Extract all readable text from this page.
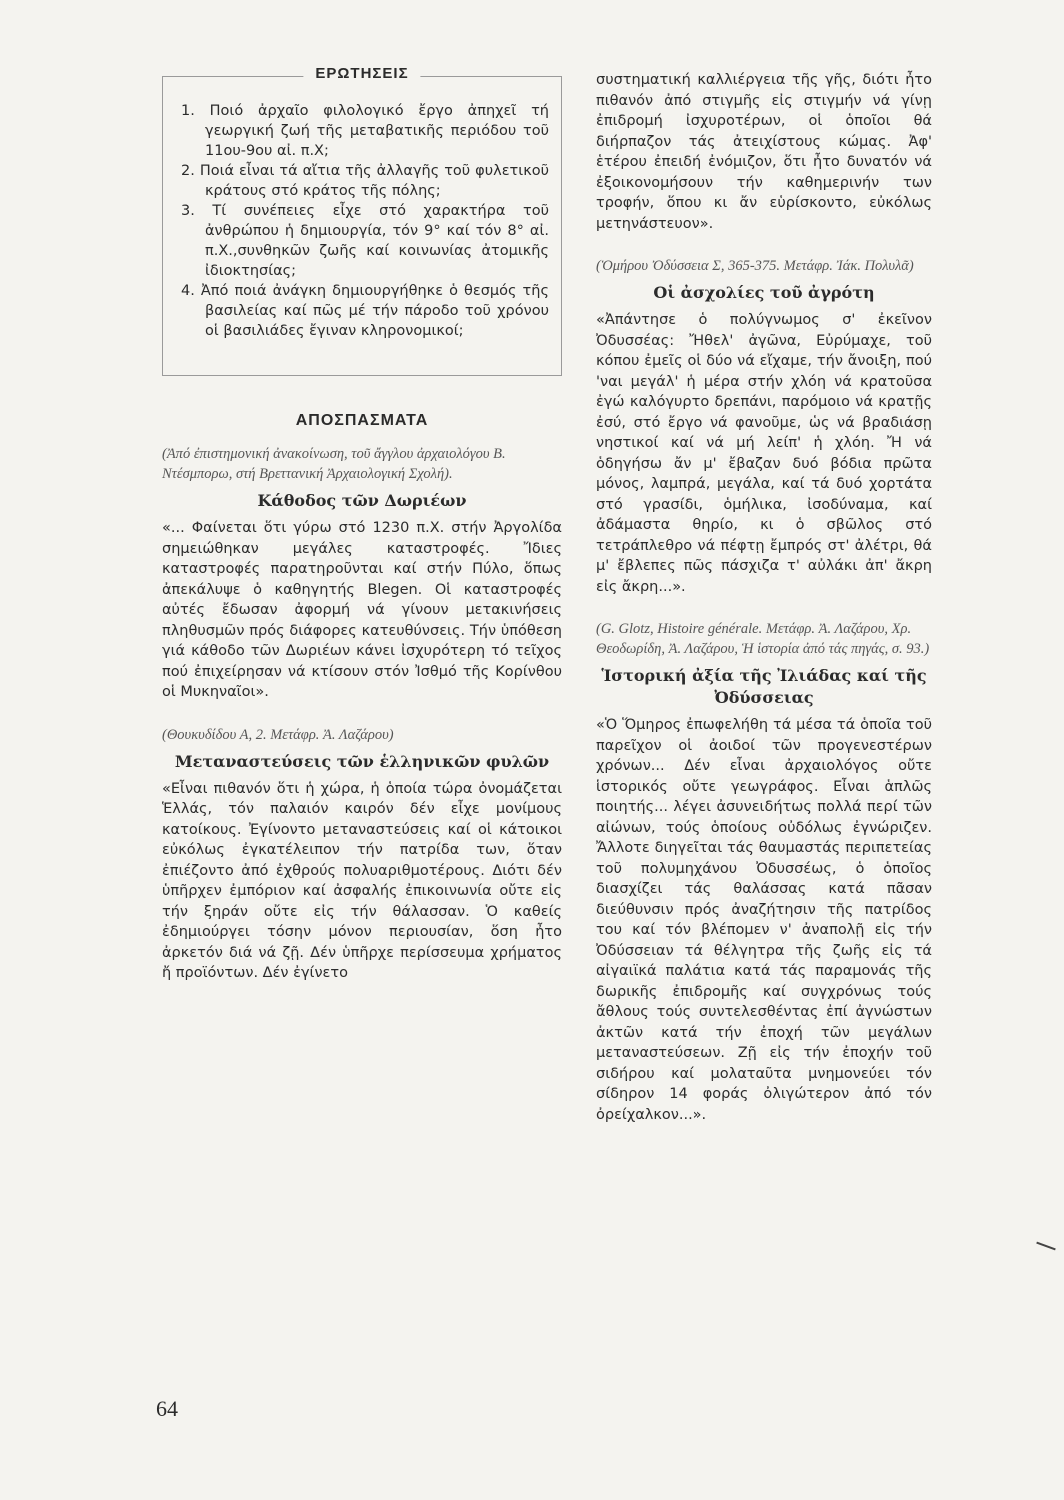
ΕΡΩΤΗΣΕΙΣ
1. Ποιό ἀρχαῖο φιλολογικό ἔργο ἀπηχεῖ τή γεωργική ζωή τῆς μεταβατικῆς περιόδου τοῦ 11ου-9ου αἰ. π.Χ;
2. Ποιά εἶναι τά αἴτια τῆς ἀλλαγῆς τοῦ φυλετικοῦ κράτους στό κράτος τῆς πόλης;
3. Τί συνέπειες εἶχε στό χαρακτήρα τοῦ ἀνθρώπου ἡ δημιουργία, τόν 9° καί τόν 8° αἰ. π.Χ.,συνθηκῶν ζωῆς καί κοινωνίας ἀτομικῆς ἰδιοκτησίας;
4. Ἀπό ποιά ἀνάγκη δημιουργήθηκε ὁ θεσμός τῆς βασιλείας καί πῶς μέ τήν πάροδο τοῦ χρόνου οἱ βασιλιάδες ἔγιναν κληρονομικοί;
ΑΠΟΣΠΑΣΜΑΤΑ

(Ἀπό ἐπιστημονική ἀνακοίνωση, τοῦ ἄγγλου ἀρχαιολόγου Β. Ντέσμπορω, στή Βρεττανική Ἀρχαιολογική Σχολή).

Κάθοδος τῶν Δωριέων

«... Φαίνεται ὅτι γύρω στό 1230 π.Χ. στήν Ἀργολίδα σημειώθηκαν μεγάλες καταστροφές. Ἴδιες καταστροφές παρατηροῦνται καί στήν Πύλο, ὅπως ἀπεκάλυψε ὁ καθηγητής Blegen. Οἱ καταστροφές αὐτές ἔδωσαν ἀφορμή νά γίνουν μετακινήσεις πληθυσμῶν πρός διάφορες κατευθύνσεις. Τήν ὑπόθεση γιά κάθοδο τῶν Δωριέων κάνει ἰσχυρότερη τό τεῖχος πού ἐπιχείρησαν νά κτίσουν στόν Ἰσθμό τῆς Κορίνθου οἱ Μυκηναῖοι».

(Θουκυδίδου Α, 2. Μετάφρ. Ἀ. Λαζάρου)

Μεταναστεύσεις τῶν ἑλληνικῶν φυλῶν

«Εἶναι πιθανόν ὅτι ἡ χώρα, ἡ ὁποία τώρα ὀνομάζεται Ἑλλάς, τόν παλαιόν καιρόν δέν εἶχε μονίμους κατοίκους. Ἐγίνοντο μεταναστεύσεις καί οἱ κάτοικοι εὐκόλως ἐγκατέλειπον τήν πατρίδα των, ὅταν ἐπιέζοντο ἀπό ἐχθρούς πολυαριθμοτέρους. Διότι δέν ὑπῆρχεν ἐμπόριον καί ἀσφαλής ἐπικοινωνία οὔτε εἰς τήν ξηράν οὔτε εἰς τήν θάλασσαν. Ὁ καθείς ἐδημιούργει τόσην μόνον περιουσίαν, ὅση ἦτο ἀρκετόν διά νά ζῇ. Δέν ὑπῆρχε περίσσευμα χρήματος ἤ προϊόντων. Δέν ἐγίνετο

συστηματική καλλιέργεια τῆς γῆς, διότι ἦτο πιθανόν ἀπό στιγμῆς εἰς στιγμήν νά γίνῃ ἐπιδρομή ἰσχυροτέρων, οἱ ὁποῖοι θά διήρπαζον τάς ἀτειχίστους κώμας. Ἀφ' ἑτέρου ἐπειδή ἐνόμιζον, ὅτι ἦτο δυνατόν νά ἐξοικονομήσουν τήν καθημερινήν των τροφήν, ὅπου κι ἄν εὑρίσκοντο, εὐκόλως μετηνάστευον».

(Ὁμήρου Ὀδύσσεια Σ, 365-375. Μετάφρ. Ἰάκ. Πολυλᾶ)

Οἱ ἀσχολίες τοῦ ἀγρότη

«Ἀπάντησε ὁ πολύγνωμος σ' ἐκεῖνον Ὀδυσσέας: Ἤθελ' ἀγῶνα, Εὐρύμαχε, τοῦ κόπου ἐμεῖς οἱ δύο νά εἴχαμε, τήν ἄνοιξη, πού 'ναι μεγάλ' ἡ μέρα στήν χλόη νά κρατοῦσα ἐγώ καλόγυρτο δρεπάνι, παρόμοιο νά κρατῇς ἐσύ, στό ἔργο νά φανοῦμε, ὡς νά βραδιάσῃ νηστικοί καί νά μή λείπ' ἡ χλόη. Ἤ νά ὁδηγήσω ἄν μ' ἔβαζαν δυό βόδια πρῶτα μόνος, λαμπρά, μεγάλα, καί τά δυό χορτάτα στό γρασίδι, ὁμήλικα, ἰσοδύναμα, καί ἀδάμαστα θηρίο, κι ὁ σβῶλος στό τετράπλεθρο νά πέφτῃ ἔμπρός στ' ἀλέτρι, θά μ' ἔβλεπες πῶς πάσχιζα τ' αὐλάκι ἀπ' ἄκρη εἰς ἄκρη...».

(G. Glotz, Histoire générale. Μετάφρ. Ἀ. Λαζάρου, Χρ. Θεοδωρίδη, Ἀ. Λαζάρου, Ἡ ἱστορία ἀπό τάς πηγάς, σ. 93.)

Ἱστορική ἀξία τῆς Ἰλιάδας καί τῆς Ὀδύσσειας

«Ὁ Ὅμηρος ἐπωφελήθη τά μέσα τά ὁποῖα τοῦ παρεῖχον οἱ ἀοιδοί τῶν προγενεστέρων χρόνων... Δέν εἶναι ἀρχαιολόγος οὔτε ἱστορικός οὔτε γεωγράφος. Εἶναι ἁπλῶς ποιητής... λέγει ἀσυνειδήτως πολλά περί τῶν αἰώνων, τούς ὁποίους οὐδόλως ἐγνώριζεν. Ἄλλοτε διηγεῖται τάς θαυμαστάς περιπετείας τοῦ πολυμηχάνου Ὀδυσσέως, ὁ ὁποῖος διασχίζει τάς θαλάσσας κατά πᾶσαν διεύθυνσιν πρός ἀναζήτησιν τῆς πατρίδος του καί τόν βλέπομεν ν' ἀναπολῇ εἰς τήν Ὀδύσσειαν τά θέλγητρα τῆς ζωῆς εἰς τά αἰγαιϊκά παλάτια κατά τάς παραμονάς τῆς δωρικῆς ἐπιδρομῆς καί συγχρόνως τούς ἄθλους τούς συντελεσθέντας ἐπί ἀγνώστων ἀκτῶν κατά τήν ἐποχή τῶν μεγάλων μεταναστεύσεων. Ζῇ εἰς τήν ἐποχήν τοῦ σιδήρου καί μολαταῦτα μνημονεύει τόν σίδηρον 14 φοράς ὀλιγώτερον ἀπό τόν ὀρείχαλκον...».

64
